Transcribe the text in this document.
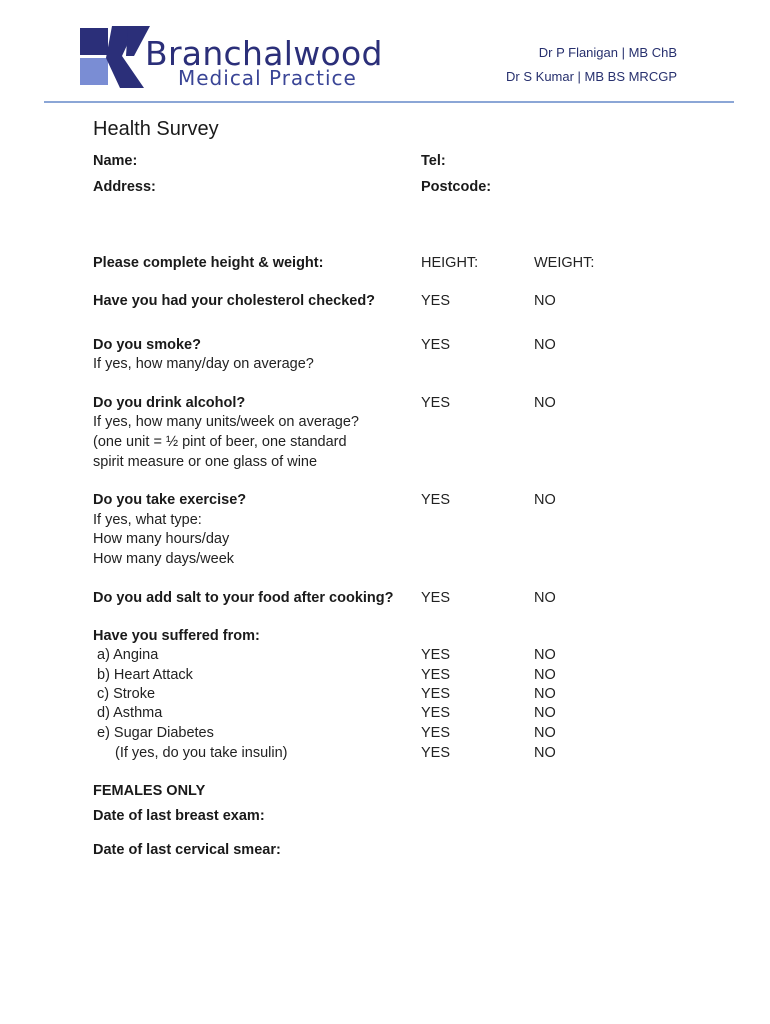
Branchalwood
Medical Practice
Dr P Flanigan | MB ChB
Dr S Kumar | MB BS MRCGP
Health Survey
Name:	Tel:
Address:	Postcode:
Please complete height & weight:	HEIGHT:	WEIGHT:
Have you had your cholesterol checked?	YES	NO
Do you smoke?	YES	NO
If yes, how many/day on average?
Do you drink alcohol?	YES	NO
If yes, how many units/week on average?
(one unit = ½ pint of beer, one standard
spirit measure or one glass of wine
Do you take exercise?	YES	NO
If yes, what type:
How many hours/day
How many days/week
Do you add salt to your food after cooking? YES	NO
Have you suffered from:
a) Angina	YES	NO
b) Heart Attack	YES	NO
c) Stroke	YES	NO
d) Asthma	YES	NO
e) Sugar Diabetes	YES	NO
(If yes, do you take insulin)	YES	NO
FEMALES ONLY
Date of last breast exam:
Date of last cervical smear:
